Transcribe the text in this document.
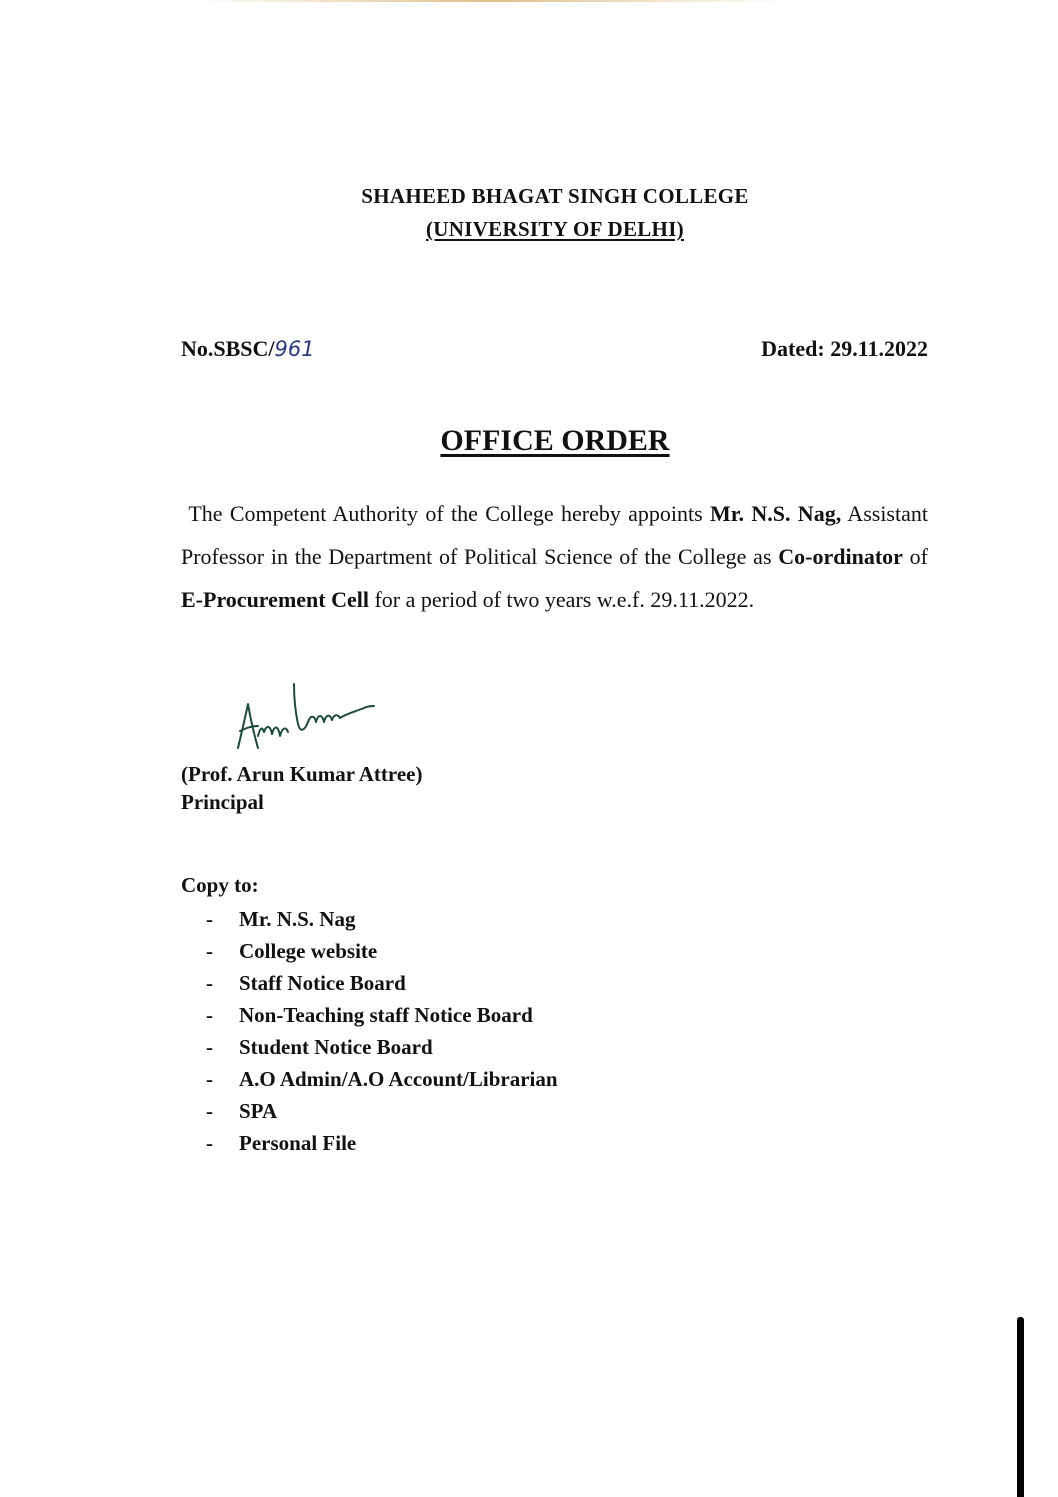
SHAHEED BHAGAT SINGH COLLEGE
(UNIVERSITY OF DELHI)
No.SBSC/961	Dated: 29.11.2022
OFFICE ORDER
The Competent Authority of the College hereby appoints Mr. N.S. Nag, Assistant Professor in the Department of Political Science of the College as Co-ordinator of E-Procurement Cell for a period of two years w.e.f. 29.11.2022.
(Prof. Arun Kumar Attree)
Principal
Copy to:
-	Mr. N.S. Nag
-	College website
-	Staff Notice Board
-	Non-Teaching staff Notice Board
-	Student Notice Board
-	A.O Admin/A.O Account/Librarian
-	SPA
-	Personal File
